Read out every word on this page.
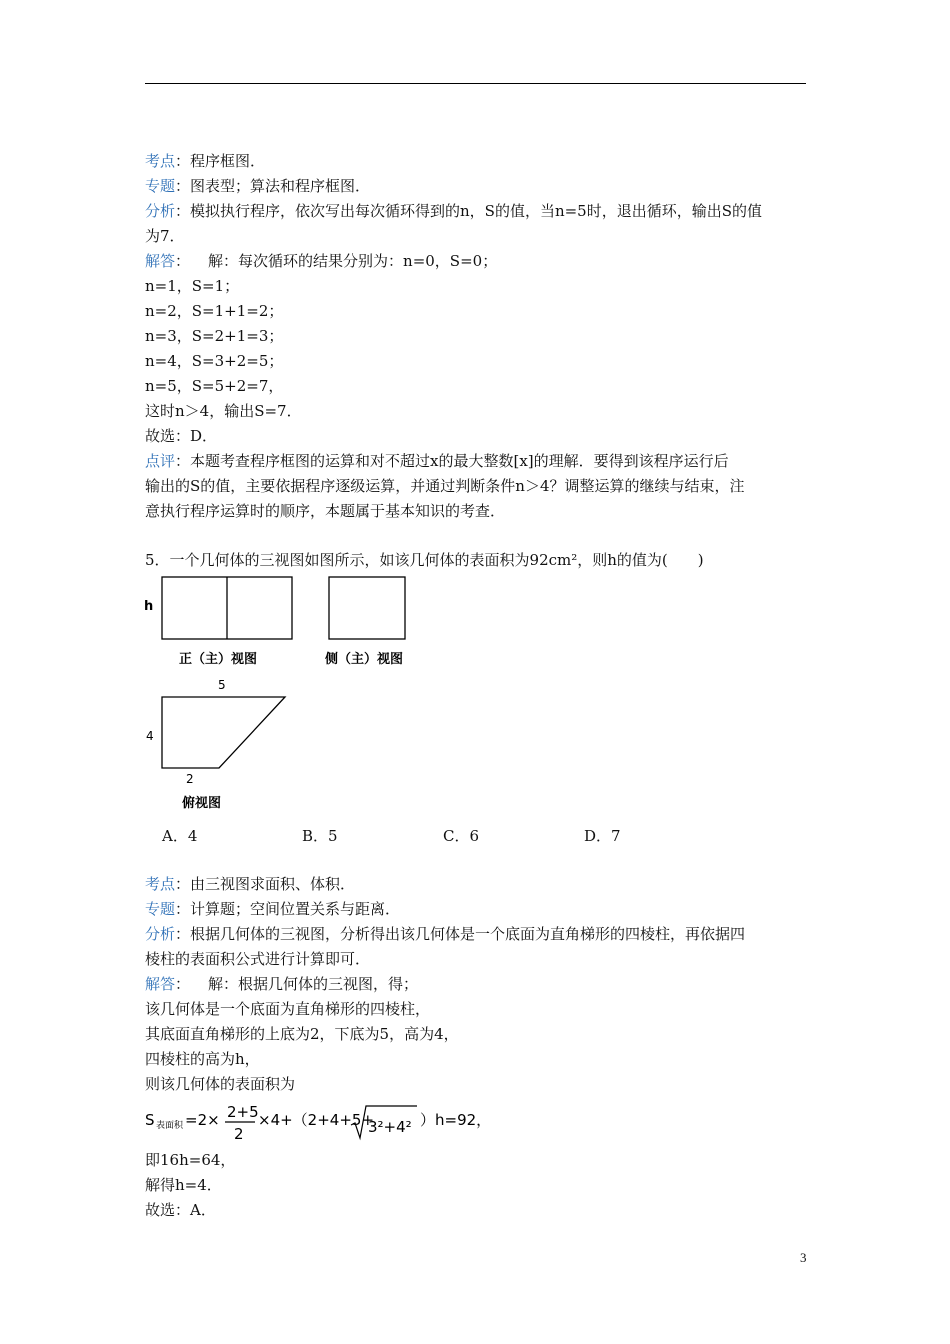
考点：程序框图．
专题：图表型；算法和程序框图．
分析：模拟执行程序，依次写出每次循环得到的n，S的值，当n=5时，退出循环，输出S的值
为7．
解答： 解：每次循环的结果分别为：n=0，S=0；
n=1，S=1；
n=2，S=1+1=2；
n=3，S=2+1=3；
n=4，S=3+2=5；
n=5，S=5+2=7，
这时n＞4，输出S=7．
故选：D．
点评：本题考查程序框图的运算和对不超过x的最大整数[x]的理解．要得到该程序运行后
输出的S的值，主要依据程序逐级运算，并通过判断条件n＞4？调整运算的继续与结束，注
意执行程序运算时的顺序，本题属于基本知识的考查．
5．一个几何体的三视图如图所示，如该几何体的表面积为92cm²，则h的值为(　　)
h
正（主）视图	侧（主）视图
5
4
2
俯视图
A．4	B．5	C．6	D．7
考点：由三视图求面积、体积．
专题：计算题；空间位置关系与距离．
分析：根据几何体的三视图，分析得出该几何体是一个底面为直角梯形的四棱柱，再依据四
棱柱的表面积公式进行计算即可．
解答： 解：根据几何体的三视图，得；
该几何体是一个底面为直角梯形的四棱柱，
其底面直角梯形的上底为2，下底为5，高为4，
四棱柱的高为h，
则该几何体的表面积为
S 表面积 =2× 2+5
2
×4+（2+4+5+
3²+4² ）h=92，
即16h=64，
解得h=4．
故选：A．
3
